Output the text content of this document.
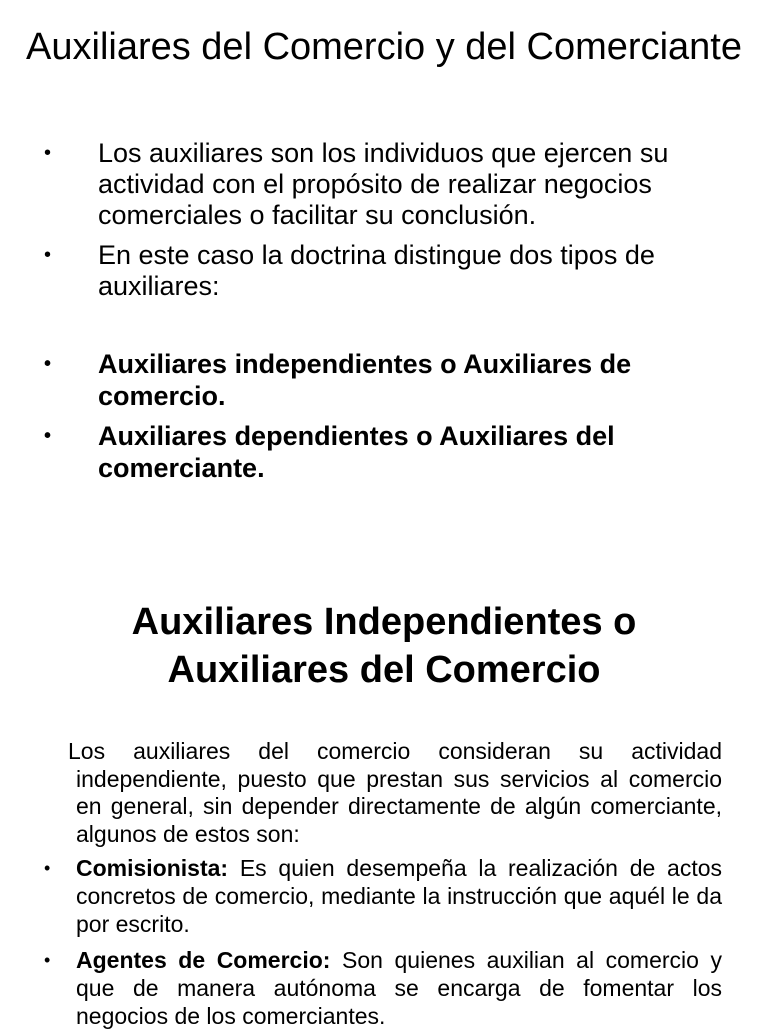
Auxiliares del Comercio y del Comerciante
• Los auxiliares son los individuos que ejercen su actividad con el propósito de realizar negocios comerciales o facilitar su conclusión.
• En este caso la doctrina distingue dos tipos de auxiliares:
• Auxiliares independientes o Auxiliares de comercio.
• Auxiliares dependientes o Auxiliares del comerciante.
Auxiliares Independientes o
Auxiliares del Comercio

Los auxiliares del comercio consideran su actividad independiente, puesto que prestan sus servicios al comercio en general, sin depender directamente de algún comerciante, algunos de estos son:

• Comisionista: Es quien desempeña la realización de actos concretos de comercio, mediante la instrucción que aquél le da por escrito.
• Agentes de Comercio: Son quienes auxilian al comercio y que de manera autónoma se encarga de fomentar los negocios de los comerciantes.
